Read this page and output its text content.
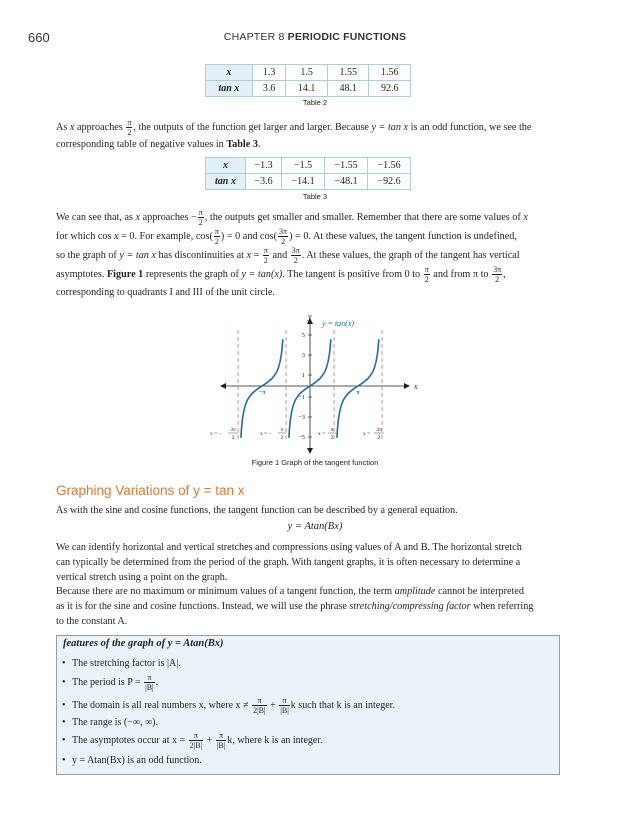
660	CHAPTER 8 PERIODIC FUNCTIONS
x	1.3	1.5	1.55	1.56
tan x	3.6	14.1	48.1	92.6
Table 2
As x approaches $\frac{\pi}{2}$ , the outputs of the function get larger and larger. Because y = tan x is an odd function, we see the
corresponding table of negative values in Table 3.
x	−1.3	−1.5	−1.55	−1.56
tan x	−3.6	−14.1	−48.1	−92.6
Table 3
We can see that, as x approaches − $\frac{\pi}{2}$ , the outputs get smaller and smaller. Remember that there are some values of x
for which cos x = 0. For example, $\cos( \frac{\pi}{2}$ ) = 0 and $\cos( \frac{3\pi}{2}$ ) = 0. At these values, the tangent function is undefined,
so the graph of y = tan x has discontinuities at $x = \frac{\pi}{2}$ and $\frac{3\pi}{2}$ . At these values, the graph of the tangent has vertical
asymptotes. Figure 1 represents the graph of y = tan(x). The tangent is positive from 0 to $\frac{\pi}{2}$ and from π to $\frac{3\pi}{2}$ ,
corresponding to quadrants I and III of the unit circle.
5
3
1
−1
−3
−5
−π	π
x
y
y = tan(x)
x = −
3π
2
x = −
π
2
x =
π
2
x =
3π
2
Figure 1 Graph of the tangent function
Graphing Variations of y = tan x
As with the sine and cosine functions, the tangent function can be described by a general equation.
y = Atan(Bx)
We can identify horizontal and vertical stretches and compressions using values of A and B. The horizontal stretch
can typically be determined from the period of the graph. With tangent graphs, it is often necessary to determine a
vertical stretch using a point on the graph.
Because there are no maximum or minimum values of a tangent function, the term amplitude cannot be interpreted
as it is for the sine and cosine functions. Instead, we will use the phrase stretching/compressing factor when referring
to the constant A.
features of the graph of y = Atan(Bx)
• The stretching factor is |A|.
• The period is $P = \frac{\pi}{|B|}$ .
• The domain is all real numbers x, where $x \ne \frac{\pi}{2|B|} + \frac{\pi}{|B|}$ k such that k is an integer.
• The range is (−∞, ∞).
• The asymptotes occur at $x = \frac{\pi}{2|B|} + \frac{\pi}{|B|} k$, where k is an integer.
• y = Atan(Bx) is an odd function.
